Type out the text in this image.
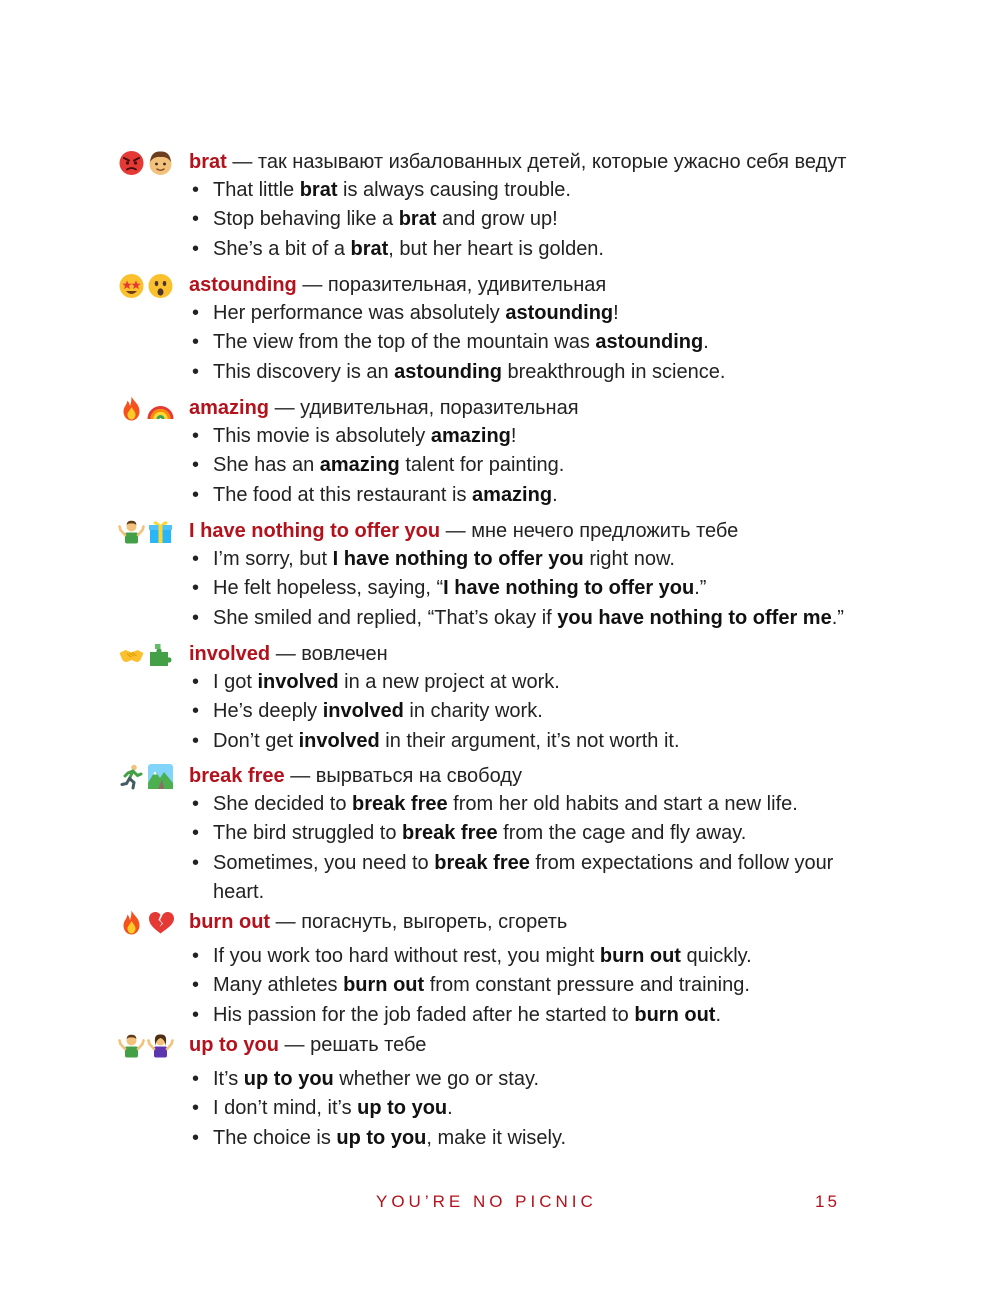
brat — так называют избалованных детей, которые ужасно себя ведут
• That little brat is always causing trouble.
• Stop behaving like a brat and grow up!
• She’s a bit of a brat, but her heart is golden.
astounding — поразительная, удивительная
• Her performance was absolutely astounding!
• The view from the top of the mountain was astounding.
• This discovery is an astounding breakthrough in science.
amazing — удивительная, поразительная
• This movie is absolutely amazing!
• She has an amazing talent for painting.
• The food at this restaurant is amazing.
I have nothing to offer you — мне нечего предложить тебе
• I’m sorry, but I have nothing to offer you right now.
• He felt hopeless, saying, “I have nothing to offer you.”
• She smiled and replied, “That’s okay if you have nothing to offer me.”
involved — вовлечен
• I got involved in a new project at work.
• He’s deeply involved in charity work.
• Don’t get involved in their argument, it’s not worth it.
break free — вырваться на свободу
• She decided to break free from her old habits and start a new life.
• The bird struggled to break free from the cage and fly away.
• Sometimes, you need to break free from expectations and follow your heart.
burn out — погаснуть, выгореть, сгореть
• If you work too hard without rest, you might burn out quickly.
• Many athletes burn out from constant pressure and training.
• His passion for the job faded after he started to burn out.
up to you — решать тебе
• It’s up to you whether we go or stay.
• I don’t mind, it’s up to you.
• The choice is up to you, make it wisely.
YOU’RE NO PICNIC	15
